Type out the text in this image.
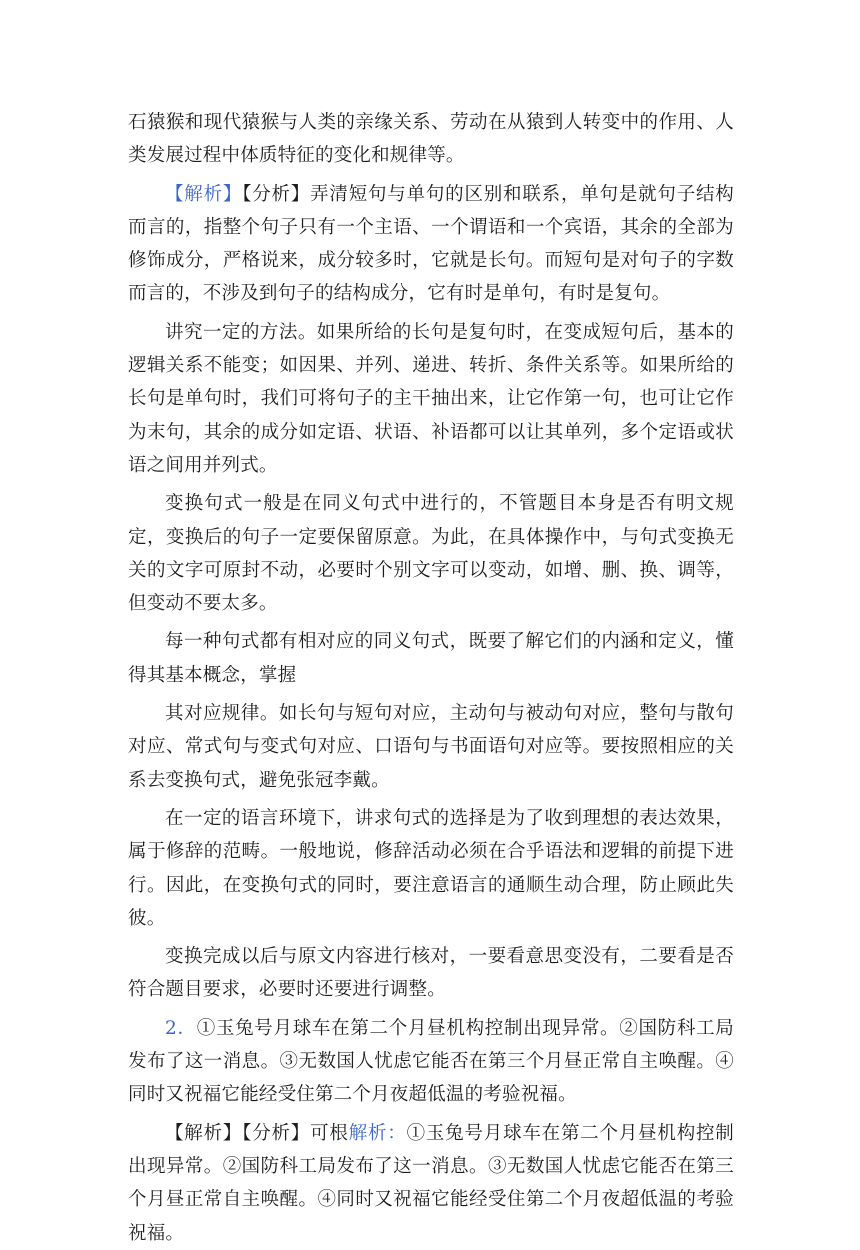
石猿猴和现代猿猴与人类的亲缘关系、劳动在从猿到人转变中的作用、人类发展过程中体质特征的变化和规律等。

【解析】【分析】弄清短句与单句的区别和联系，单句是就句子结构而言的，指整个句子只有一个主语、一个谓语和一个宾语，其余的全部为修饰成分，严格说来，成分较多时，它就是长句。而短句是对句子的字数而言的，不涉及到句子的结构成分，它有时是单句，有时是复句。

讲究一定的方法。如果所给的长句是复句时，在变成短句后，基本的逻辑关系不能变；如因果、并列、递进、转折、条件关系等。如果所给的长句是单句时，我们可将句子的主干抽出来，让它作第一句，也可让它作为末句，其余的成分如定语、状语、补语都可以让其单列，多个定语或状语之间用并列式。

变换句式一般是在同义句式中进行的，不管题目本身是否有明文规定，变换后的句子一定要保留原意。为此，在具体操作中，与句式变换无关的文字可原封不动，必要时个别文字可以变动，如增、删、换、调等，但变动不要太多。

每一种句式都有相对应的同义句式，既要了解它们的内涵和定义，懂得其基本概念，掌握

其对应规律。如长句与短句对应，主动句与被动句对应，整句与散句对应、常式句与变式句对应、口语句与书面语句对应等。要按照相应的关系去变换句式，避免张冠李戴。

在一定的语言环境下，讲求句式的选择是为了收到理想的表达效果，属于修辞的范畴。一般地说，修辞活动必须在合乎语法和逻辑的前提下进行。因此，在变换句式的同时，要注意语言的通顺生动合理，防止顾此失彼。

变换完成以后与原文内容进行核对，一要看意思变没有，二要看是否符合题目要求，必要时还要进行调整。

2．①玉兔号月球车在第二个月昼机构控制出现异常。②国防科工局发布了这一消息。③无数国人忧虑它能否在第三个月昼正常自主唤醒。④同时又祝福它能经受住第二个月夜超低温的考验祝福。

【解析】【分析】可根解析：①玉兔号月球车在第二个月昼机构控制出现异常。②国防科工局发布了这一消息。③无数国人忧虑它能否在第三个月昼正常自主唤醒。④同时又祝福它能经受住第二个月夜超低温的考验祝福。
